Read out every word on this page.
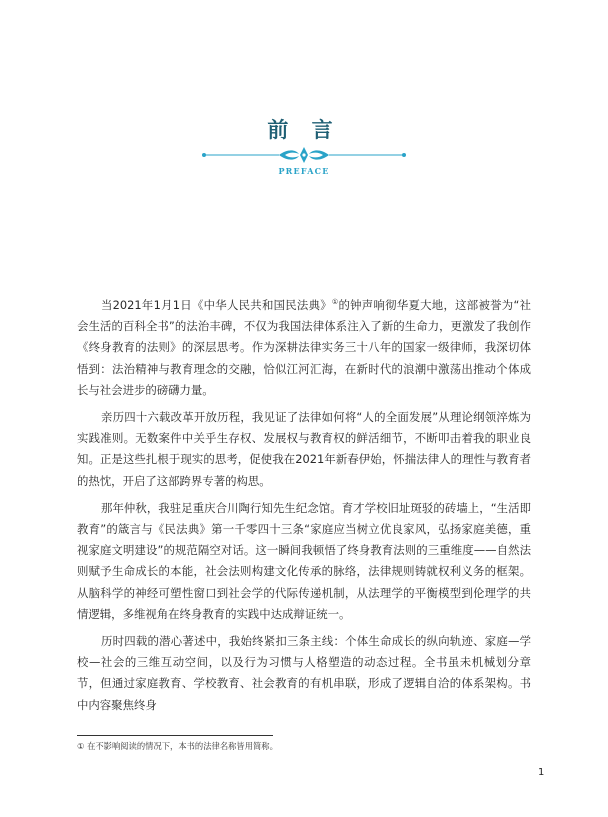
前 言
PREFACE

当2021年1月1日《中华人民共和国民法典》①的钟声响彻华夏大地，这部被誉为“社会生活的百科全书”的法治丰碑，不仅为我国法律体系注入了新的生命力，更激发了我创作《终身教育的法则》的深层思考。作为深耕法律实务三十八年的国家一级律师，我深切体悟到：法治精神与教育理念的交融，恰似江河汇海，在新时代的浪潮中激荡出推动个体成长与社会进步的磅礴力量。

亲历四十六载改革开放历程，我见证了法律如何将“人的全面发展”从理论纲领淬炼为实践准则。无数案件中关乎生存权、发展权与教育权的鲜活细节，不断叩击着我的职业良知。正是这些扎根于现实的思考，促使我在2021年新春伊始，怀揣法律人的理性与教育者的热忱，开启了这部跨界专著的构思。

那年仲秋，我驻足重庆合川陶行知先生纪念馆。育才学校旧址斑驳的砖墙上，“生活即教育”的箴言与《民法典》第一千零四十三条“家庭应当树立优良家风，弘扬家庭美德，重视家庭文明建设”的规范隔空对话。这一瞬间我顿悟了终身教育法则的三重维度——自然法则赋予生命成长的本能，社会法则构建文化传承的脉络，法律规则铸就权利义务的框架。从脑科学的神经可塑性窗口到社会学的代际传递机制，从法理学的平衡模型到伦理学的共情逻辑，多维视角在终身教育的实践中达成辩证统一。

历时四载的潜心著述中，我始终紧扣三条主线：个体生命成长的纵向轨迹、家庭—学校—社会的三维互动空间，以及行为习惯与人格塑造的动态过程。全书虽未机械划分章节，但通过家庭教育、学校教育、社会教育的有机串联，形成了逻辑自洽的体系架构。书中内容聚焦终身

① 在不影响阅读的情况下，本书的法律名称皆用简称。
1
